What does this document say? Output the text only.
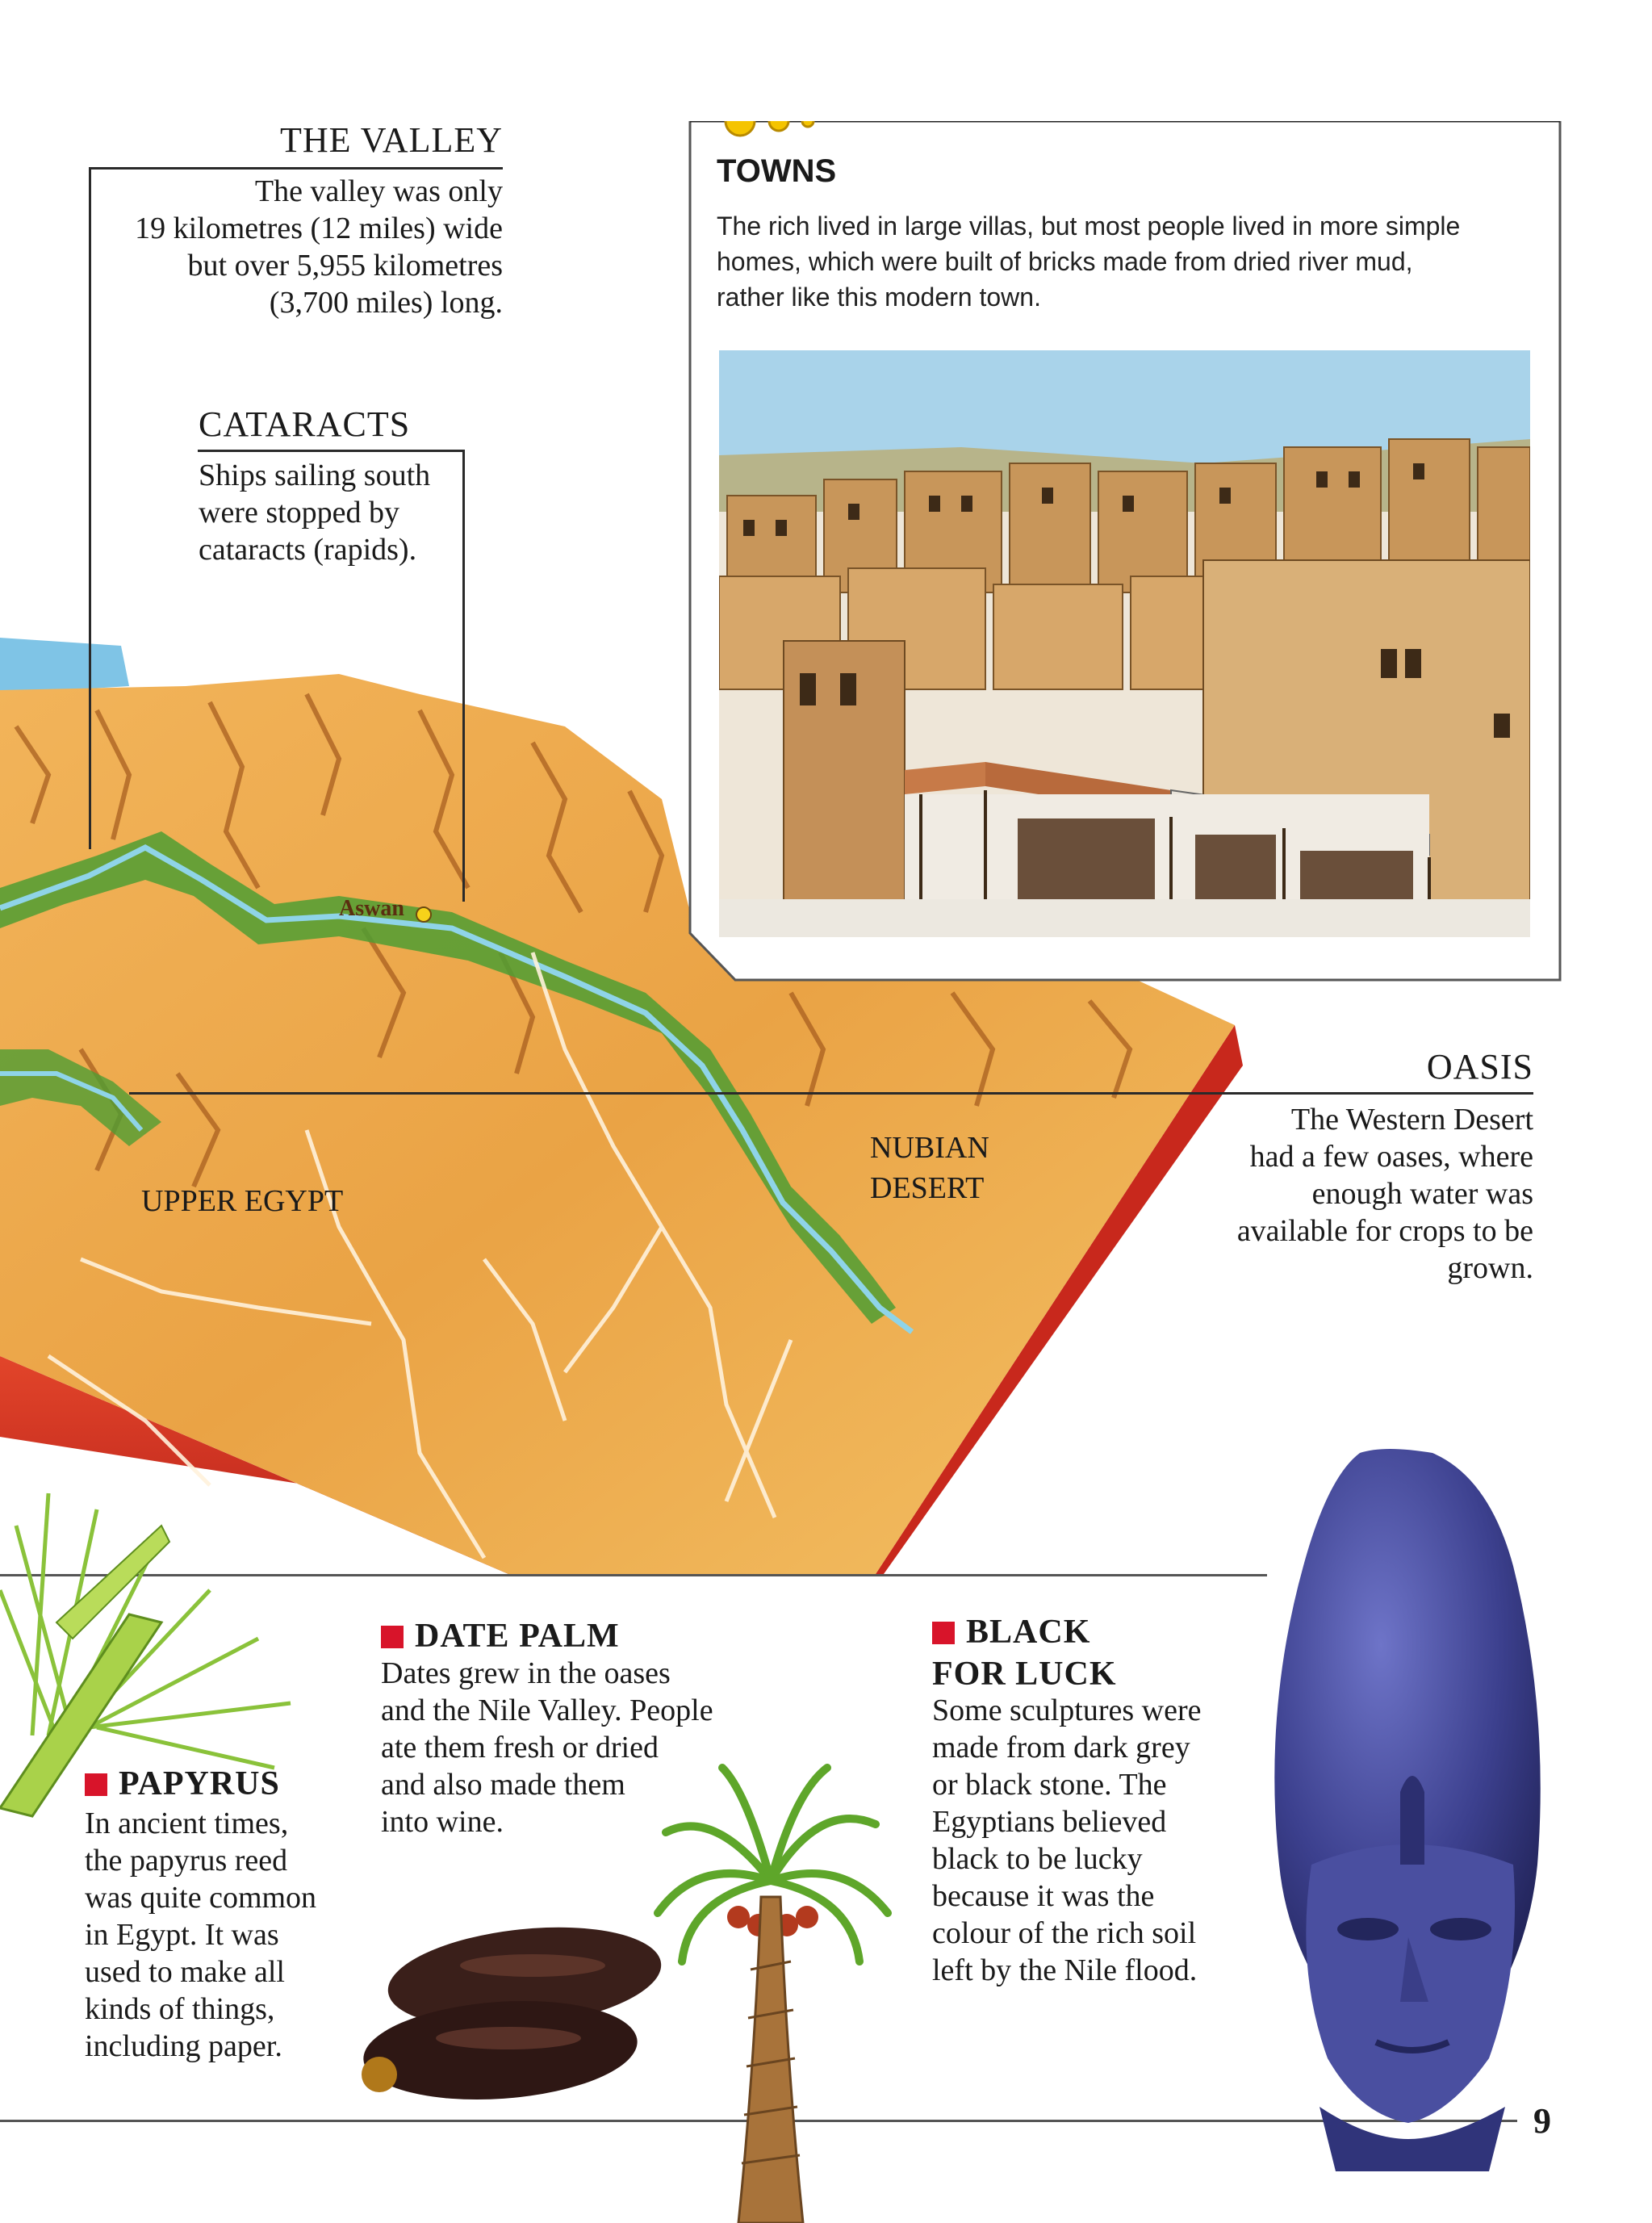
THE VALLEY
The valley was only
19 kilometres (12 miles) wide
but over 5,955 kilometres
(3,700 miles) long.
CATARACTS
Ships sailing south
were stopped by
cataracts (rapids).
TOWNS
The rich lived in large villas, but most people lived in more simple
homes, which were built of bricks made from dried river mud,
rather like this modern town.
Aswan
UPPER EGYPT
NUBIAN
DESERT
OASIS
The Western Desert
had a few oases, where
enough water was
available for crops to be
grown.
PAPYRUS
In ancient times,
the papyrus reed
was quite common
in Egypt. It was
used to make all
kinds of things,
including paper.
DATE PALM
Dates grew in the oases
and the Nile Valley. People
ate them fresh or dried
and also made them
into wine.
BLACK
FOR LUCK
Some sculptures were
made from dark grey
or black stone. The
Egyptians believed
black to be lucky
because it was the
colour of the rich soil
left by the Nile flood.
9
